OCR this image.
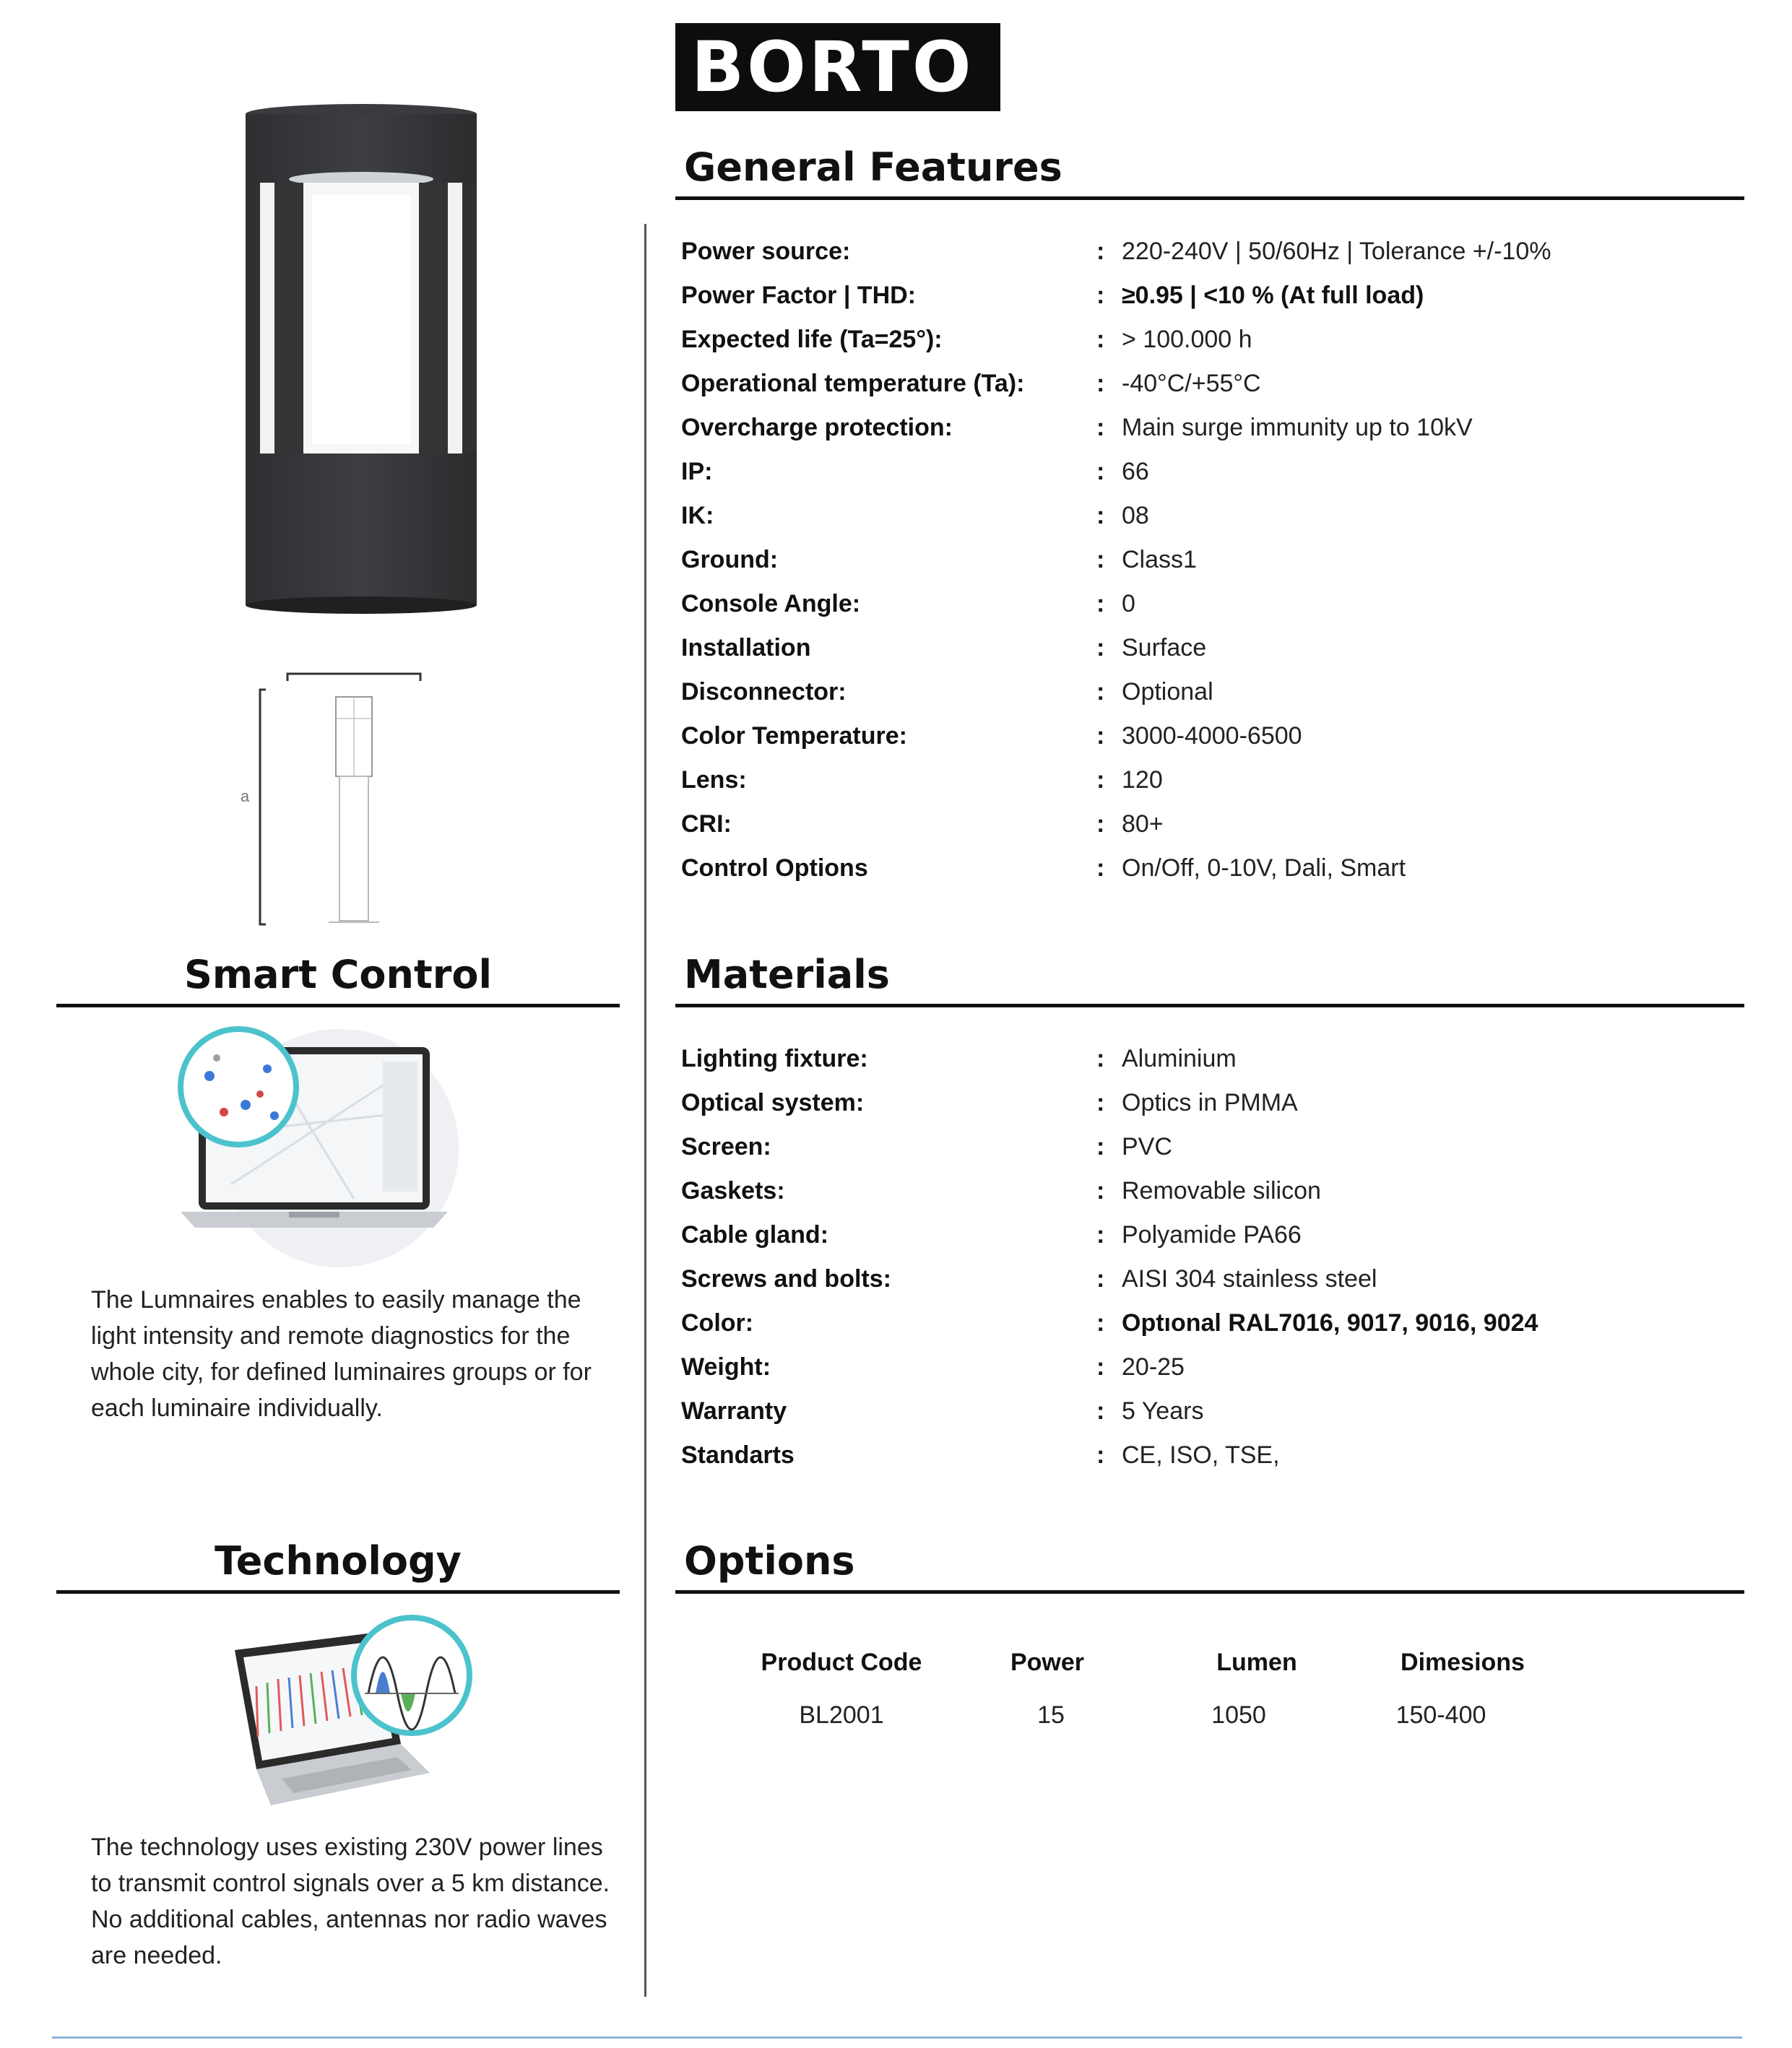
BORTO
a
General Features
Power source:	: 220-240V | 50/60Hz | Tolerance +/-10%
Power Factor | THD:	: ≥0.95 | <10 % (At full load)
Expected life (Ta=25°):	: > 100.000 h
Operational temperature (Ta):	: -40°C/+55°C
Overcharge protection:	: Main surge immunity up to 10kV
IP:	: 66
IK:	: 08
Ground:	: Class1
Console Angle:	: 0
Installation	: Surface
Disconnector:	: Optional
Color Temperature:	: 3000-4000-6500
Lens:	: 120
CRI:	: 80+
Control Options	: On/Off, 0-10V, Dali, Smart
Materials
Lighting fixture:	: Aluminium
Optical system:	: Optics in PMMA
Screen:	: PVC
Gaskets:	: Removable silicon
Cable gland:	: Polyamide PA66
Screws and bolts:	: AISI 304 stainless steel
Color:	: Optıonal RAL7016, 9017, 9016, 9024
Weight:	: 20-25
Warranty	: 5 Years
Standarts	: CE, ISO, TSE,
Options
Product Code	Power	Lumen	Dimesions
BL2001	15	1050	150-400
Smart Control
The Lumnaires enables to easily manage the light intensity and remote diagnostics for the whole city, for defined luminaires groups or for each luminaire individually.
Technology
The technology uses existing 230V power lines to transmit control signals over a 5 km distance. No additional cables, antennas nor radio waves are needed.
